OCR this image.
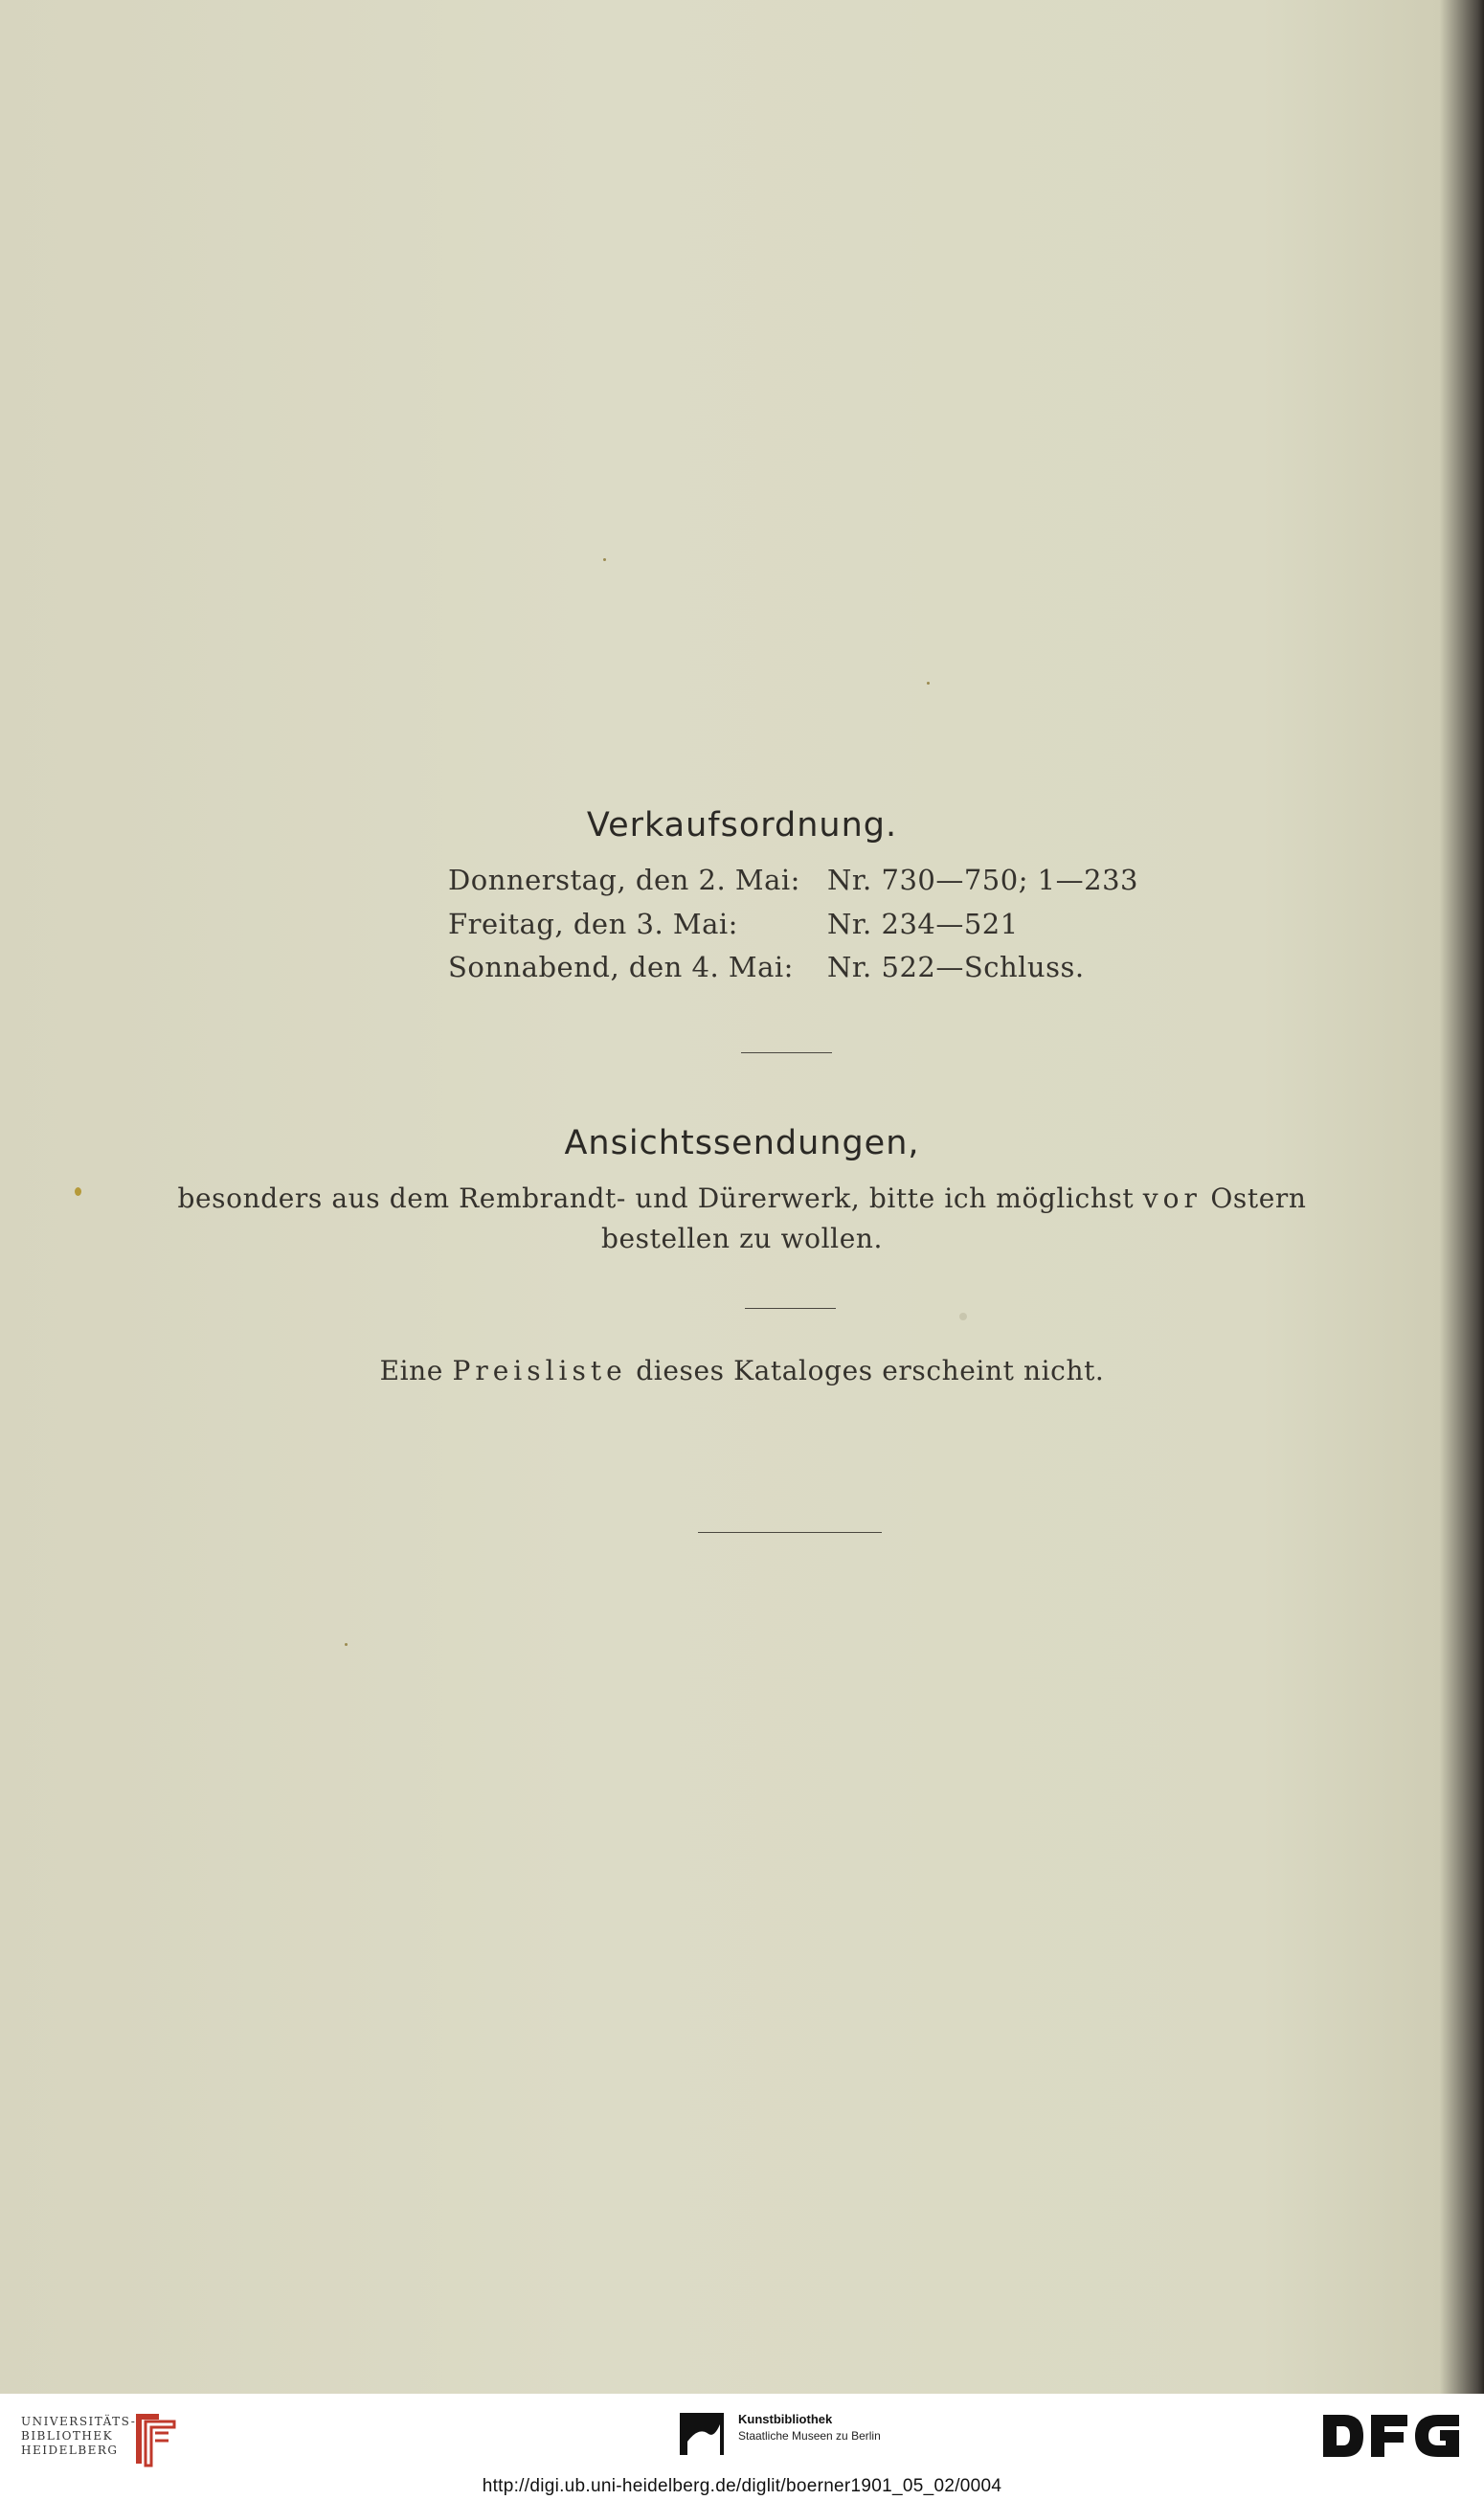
Verkaufsordnung.
Donnerstag, den 2. Mai: Nr. 730—750; 1—233
Freitag, den 3. Mai:	Nr. 234—521
Sonnabend, den 4. Mai: Nr. 522—Schluss.
Ansichtssendungen,
besonders aus dem Rembrandt- und Dürerwerk, bitte ich möglichst vor Ostern
bestellen zu wollen.
Eine Preisliste dieses Kataloges erscheint nicht.
UNIVERSITÄTS-
BIBLIOTHEK
HEIDELBERG
Kunstbibliothek
Staatliche Museen zu Berlin
http://digi.ub.uni-heidelberg.de/diglit/boerner1901_05_02/0004
